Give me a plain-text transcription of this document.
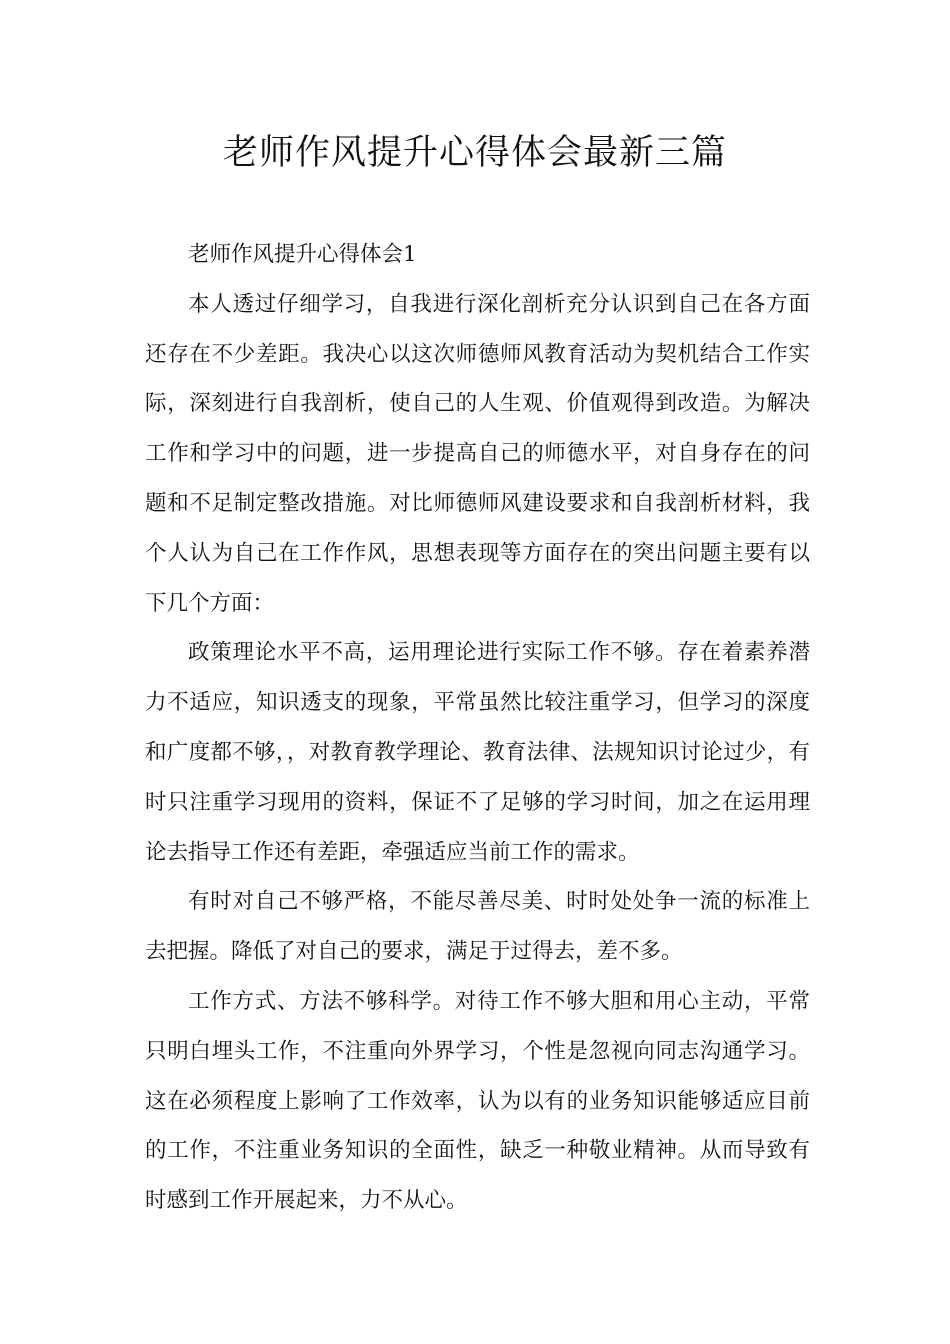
老师作风提升心得体会最新三篇

老师作风提升心得体会1

本人透过仔细学习，自我进行深化剖析充分认识到自己在各方面还存在不少差距。我决心以这次师德师风教育活动为契机结合工作实际，深刻进行自我剖析，使自己的人生观、价值观得到改造。为解决工作和学习中的问题，进一步提高自己的师德水平，对自身存在的问题和不足制定整改措施。对比师德师风建设要求和自我剖析材料，我个人认为自己在工作作风，思想表现等方面存在的突出问题主要有以下几个方面：

政策理论水平不高，运用理论进行实际工作不够。存在着素养潜力不适应，知识透支的现象，平常虽然比较注重学习，但学习的深度和广度都不够，，对教育教学理论、教育法律、法规知识讨论过少，有时只注重学习现用的资料，保证不了足够的学习时间，加之在运用理论去指导工作还有差距，牵强适应当前工作的需求。

有时对自己不够严格，不能尽善尽美、时时处处争一流的标准上去把握。降低了对自己的要求，满足于过得去，差不多。

工作方式、方法不够科学。对待工作不够大胆和用心主动，平常只明白埋头工作，不注重向外界学习，个性是忽视向同志沟通学习。这在必须程度上影响了工作效率，认为以有的业务知识能够适应目前的工作，不注重业务知识的全面性，缺乏一种敬业精神。从而导致有时感到工作开展起来，力不从心。
